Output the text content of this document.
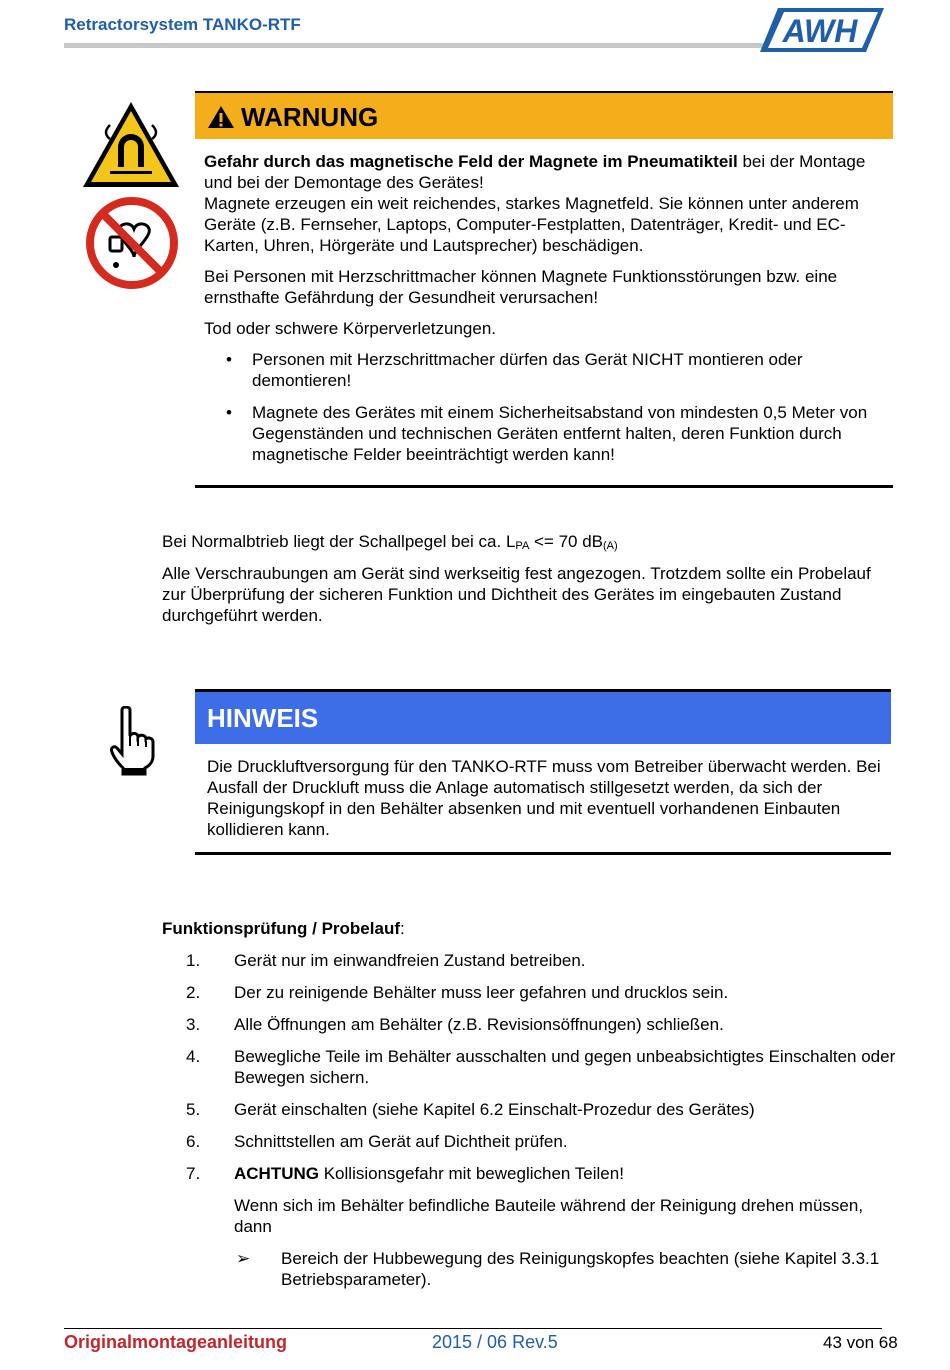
Retractorsystem TANKO-RTF	AWH
WARNUNG

Gefahr durch das magnetische Feld der Magnete im Pneumatikteil bei der Montage und bei der Demontage des Gerätes!
Magnete erzeugen ein weit reichendes, starkes Magnetfeld. Sie können unter anderem Geräte (z.B. Fernseher, Laptops, Computer-Festplatten, Datenträger, Kredit- und EC-Karten, Uhren, Hörgeräte und Lautsprecher) beschädigen.

Bei Personen mit Herzschrittmacher können Magnete Funktionsstörungen bzw. eine ernsthafte Gefährdung der Gesundheit verursachen!

Tod oder schwere Körperverletzungen.

• Personen mit Herzschrittmacher dürfen das Gerät NICHT montieren oder demontieren!
• Magnete des Gerätes mit einem Sicherheitsabstand von mindesten 0,5 Meter von Gegenständen und technischen Geräten entfernt halten, deren Funktion durch magnetische Felder beeinträchtigt werden kann!

Bei Normalbtrieb liegt der Schallpegel bei ca. $L_{PA} <= 70$ $dB_{(A)}$

Alle Verschraubungen am Gerät sind werkseitig fest angezogen. Trotzdem sollte ein Probelauf zur Überprüfung der sicheren Funktion und Dichtheit des Gerätes im eingebauten Zustand durchgeführt werden.

HINWEIS
Die Druckluftversorgung für den TANKO-RTF muss vom Betreiber überwacht werden. Bei Ausfall der Druckluft muss die Anlage automatisch stillgesetzt werden, da sich der Reinigungskopf in den Behälter absenken und mit eventuell vorhandenen Einbauten kollidieren kann.
Funktionsprüfung / Probelauf:
1. Gerät nur im einwandfreien Zustand betreiben.

2. Der zu reinigende Behälter muss leer gefahren und drucklos sein.

3. Alle Öffnungen am Behälter (z.B. Revisionsöffnungen) schließen.

4. Bewegliche Teile im Behälter ausschalten und gegen unbeabsichtigtes Einschalten oder Bewegen sichern.

5. Gerät einschalten (siehe Kapitel 6.2 Einschalt-Prozedur des Gerätes)

6. Schnittstellen am Gerät auf Dichtheit prüfen.

7. ACHTUNG Kollisionsgefahr mit beweglichen Teilen!

Wenn sich im Behälter befindliche Bauteile während der Reinigung drehen müssen, dann

➢ Bereich der Hubbewegung des Reinigungskopfes beachten (siehe Kapitel 3.3.1 Betriebsparameter).
Originalmontageanleitung	2015 / 06 Rev.5	43 von 68
